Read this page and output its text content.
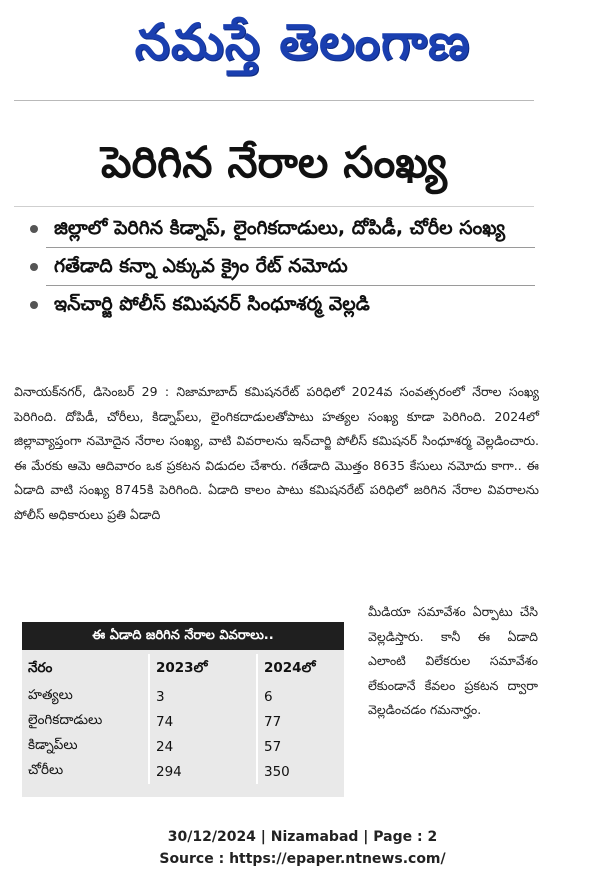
నమస్తే తెలంగాణ
పెరిగిన నేరాల సంఖ్య
జిల్లాలో పెరిగిన కిడ్నాప్, లైంగికదాడులు, దోపిడీ, చోరీల సంఖ్య
గతేడాది కన్నా ఎక్కువ క్రైం రేట్ నమోదు
ఇన్‌చార్జి పోలీస్ కమిషనర్ సింధూశర్మ వెల్లడి
వినాయక్‌నగర్, డిసెంబర్ 29 : నిజామాబాద్ కమిషనరేట్ పరిధిలో 2024వ సంవత్సరంలో నేరాల సంఖ్య పెరిగింది. దోపిడీ, చోరీలు, కిడ్నాప్‌లు, లైంగికదాడులతోపాటు హత్యల సంఖ్య కూడా పెరిగింది. 2024లో జిల్లావ్యాప్తంగా నమోదైన నేరాల సంఖ్య, వాటి వివరాలను ఇన్‌చార్జి పోలీస్ కమిషనర్ సింధూశర్మ వెల్లడించారు. ఈ మేరకు ఆమె ఆదివారం ఒక ప్రకటన విడుదల చేశారు. గతేడాది మొత్తం 8635 కేసులు నమోదు కాగా.. ఈ ఏడాది వాటి సంఖ్య 8745కి పెరిగింది. ఏడాది కాలం పాటు కమిషనరేట్ పరిధిలో జరిగిన నేరాల వివరాలను పోలీస్ అధికారులు ప్రతి ఏడాది
ఈ ఏడాది జరిగిన నేరాల వివరాలు..
నేరం	2023లో	2024లో
హత్యలు	3	6
లైంగికదాడులు	74	77
కిడ్నాప్‌లు	24	57
చోరీలు	294	350
మీడియా సమావేశం ఏర్పాటు చేసి వెల్లడిస్తారు. కానీ ఈ ఏడాది ఎలాంటి విలేకరుల సమావేశం లేకుండానే కేవలం ప్రకటన ద్వారా వెల్లడించడం గమనార్హం.
30/12/2024 | Nizamabad | Page : 2
Source : https://epaper.ntnews.com/
